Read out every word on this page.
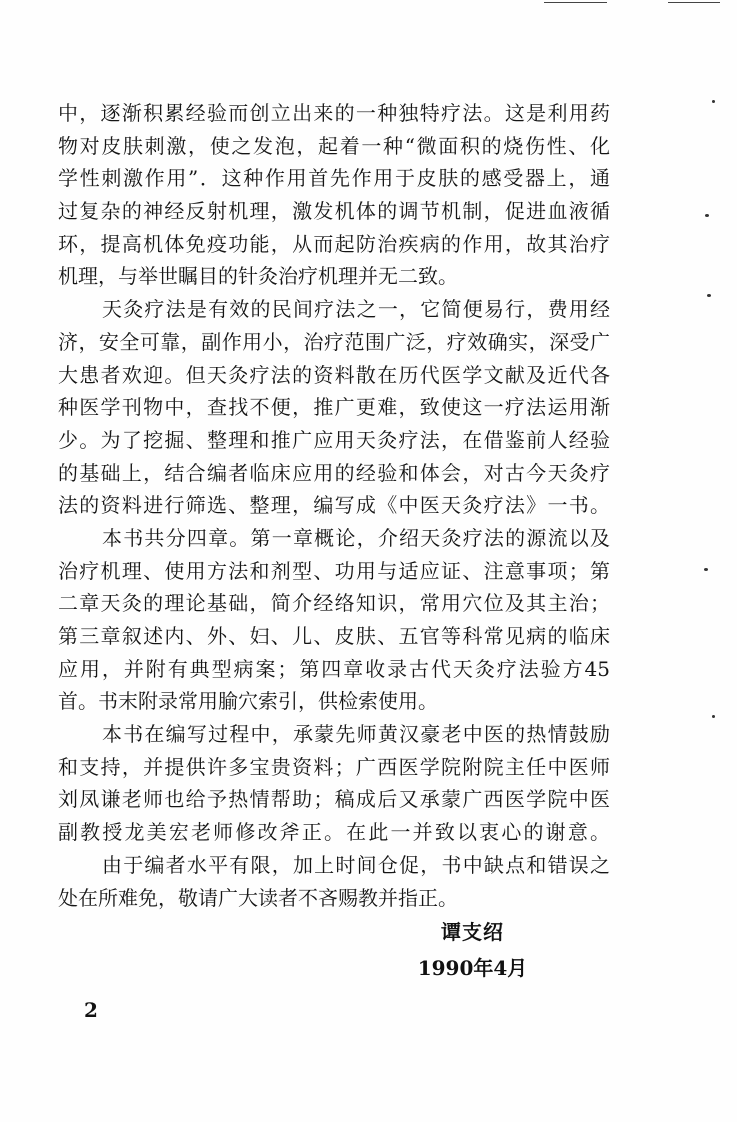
中，逐渐积累经验而创立出来的一种独特疗法。这是利用药
物对皮肤刺激，使之发泡，起着一种“微面积的烧伤性、化
学性刺激作用”．这种作用首先作用于皮肤的感受器上，通
过复杂的神经反射机理，激发机体的调节机制，促进血液循
环，提高机体免疫功能，从而起防治疾病的作用，故其治疗
机理，与举世瞩目的针灸治疗机理并无二致。
天灸疗法是有效的民间疗法之一，它简便易行，费用经
济，安全可靠，副作用小，治疗范围广泛，疗效确实，深受广
大患者欢迎。但天灸疗法的资料散在历代医学文献及近代各
种医学刊物中，查找不便，推广更难，致使这一疗法运用渐
少。为了挖掘、整理和推广应用天灸疗法，在借鉴前人经验
的基础上，结合编者临床应用的经验和体会，对古今天灸疗
法的资料进行筛选、整理，编写成《中医天灸疗法》一书。
本书共分四章。第一章概论，介绍天灸疗法的源流以及
治疗机理、使用方法和剂型、功用与适应证、注意事项；第
二章天灸的理论基础，简介经络知识，常用穴位及其主治；
第三章叙述内、外、妇、儿、皮肤、五官等科常见病的临床
应用，并附有典型病案；第四章收录古代天灸疗法验方45
首。书末附录常用腧穴索引，供检索使用。
本书在编写过程中，承蒙先师黄汉豪老中医的热情鼓励
和支持，并提供许多宝贵资料；广西医学院附院主任中医师
刘凤谦老师也给予热情帮助；稿成后又承蒙广西医学院中医
副教授龙美宏老师修改斧正。在此一并致以衷心的谢意。
由于编者水平有限，加上时间仓促，书中缺点和错误之
处在所难免，敬请广大读者不吝赐教并指正。
谭支绍
1990年4月
2
